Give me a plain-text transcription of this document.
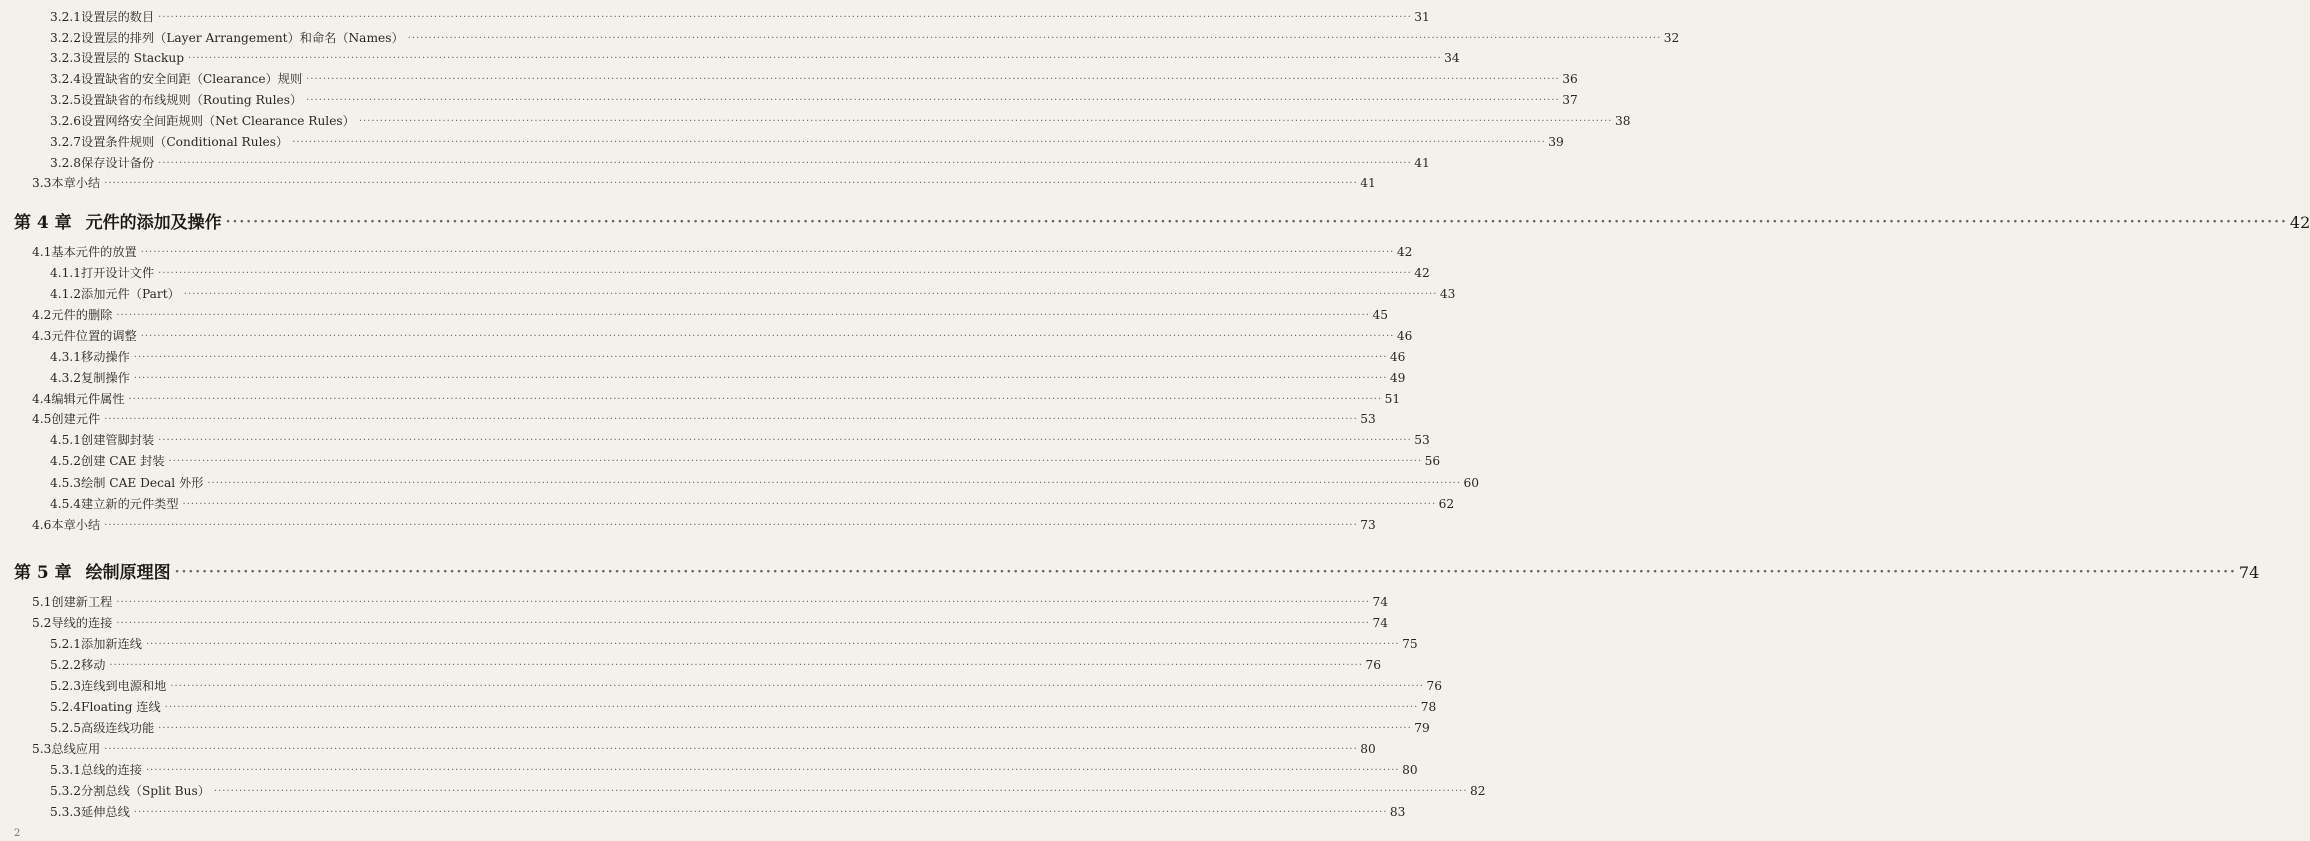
3.2.1 设置层的数目 ············································································································································································································································································································ 31
3.2.2 设置层的排列（Layer Arrangement）和命名（Names） ············································································································································································································································································································ 32
3.2.3 设置层的 Stackup ············································································································································································································································································································ 34
3.2.4 设置缺省的安全间距（Clearance）规则 ············································································································································································································································································································ 36
3.2.5 设置缺省的布线规则（Routing Rules） ············································································································································································································································································································ 37
3.2.6 设置网络安全间距规则（Net Clearance Rules） ············································································································································································································································································································ 38
3.2.7 设置条件规则（Conditional Rules） ············································································································································································································································································································ 39
3.2.8 保存设计备份 ············································································································································································································································································································ 41
3.3 本章小结 ············································································································································································································································································································ 41
第 4 章 元件的添加及操作 ············································································································································································································································································································ 42
4.1 基本元件的放置 ············································································································································································································································································································ 42
4.1.1 打开设计文件 ············································································································································································································································································································ 42
4.1.2 添加元件（Part） ············································································································································································································································································································ 43
4.2 元件的删除 ············································································································································································································································································································ 45
4.3 元件位置的调整 ············································································································································································································································································································ 46
4.3.1 移动操作 ············································································································································································································································································································ 46
4.3.2 复制操作 ············································································································································································································································································································ 49
4.4 编辑元件属性 ············································································································································································································································································································ 51
4.5 创建元件 ············································································································································································································································································································ 53
4.5.1 创建管脚封装 ············································································································································································································································································································ 53
4.5.2 创建 CAE 封装 ············································································································································································································································································································ 56
4.5.3 绘制 CAE Decal 外形 ············································································································································································································································································································ 60
4.5.4 建立新的元件类型 ············································································································································································································································································································ 62
4.6 本章小结 ············································································································································································································································································································ 73
第 5 章 绘制原理图 ············································································································································································································································································································ 74
5.1 创建新工程 ············································································································································································································································································································ 74
5.2 导线的连接 ············································································································································································································································································································ 74
5.2.1 添加新连线 ············································································································································································································································································································ 75
5.2.2 移动 ············································································································································································································································································································ 76
5.2.3 连线到电源和地 ············································································································································································································································································································ 76
5.2.4 Floating 连线 ············································································································································································································································································································ 78
5.2.5 高级连线功能 ············································································································································································································································································································ 79
5.3 总线应用 ············································································································································································································································································································ 80
5.3.1 总线的连接 ············································································································································································································································································································ 80
5.3.2 分割总线（Split Bus） ············································································································································································································································································································ 82
5.3.3 延伸总线 ············································································································································································································································································································ 83
2
